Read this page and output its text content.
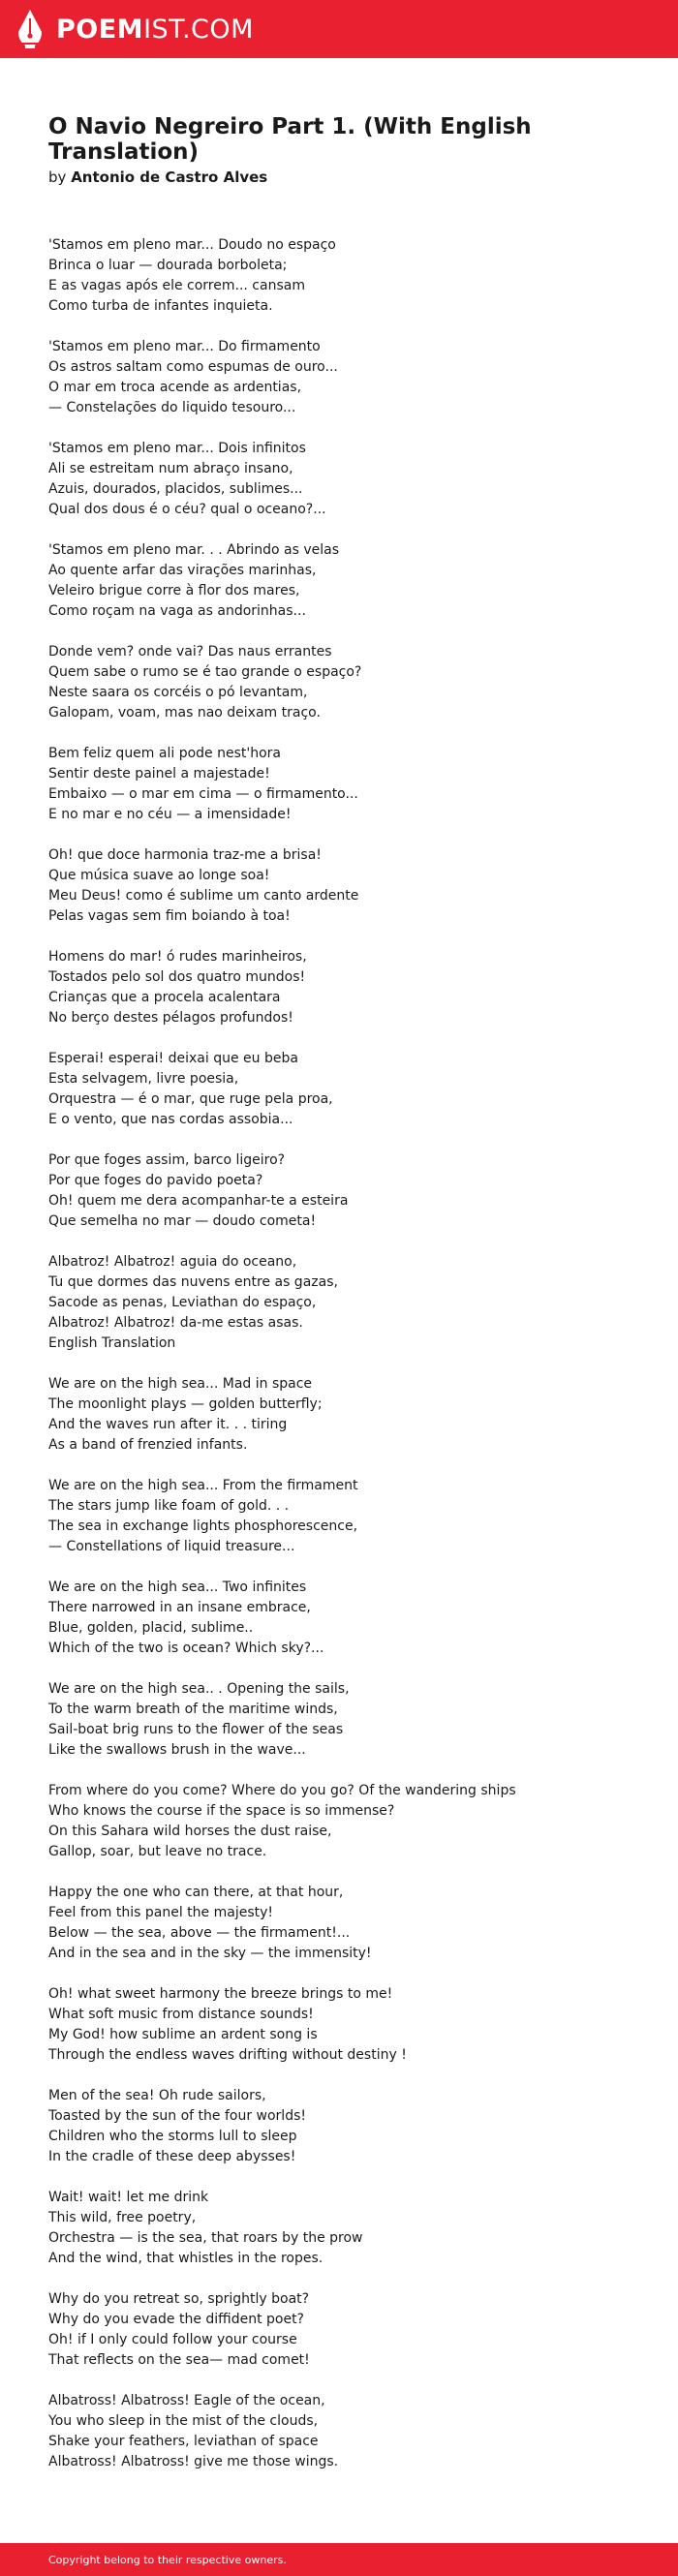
POEMIST.COM
O Navio Negreiro Part 1. (With English Translation)
by Antonio de Castro Alves
'Stamos em pleno mar... Doudo no espaço
Brinca o luar — dourada borboleta;
E as vagas após ele correm... cansam
Como turba de infantes inquieta.
'Stamos em pleno mar... Do firmamento
Os astros saltam como espumas de ouro...
O mar em troca acende as ardentias,
— Constelações do liquido tesouro...
'Stamos em pleno mar... Dois infinitos
Ali se estreitam num abraço insano,
Azuis, dourados, placidos, sublimes...
Qual dos dous é o céu? qual o oceano?...
'Stamos em pleno mar. . . Abrindo as velas
Ao quente arfar das virações marinhas,
Veleiro brigue corre à flor dos mares,
Como roçam na vaga as andorinhas...
Donde vem? onde vai? Das naus errantes
Quem sabe o rumo se é tao grande o espaço?
Neste saara os corcéis o pó levantam,
Galopam, voam, mas nao deixam traço.
Bem feliz quem ali pode nest'hora
Sentir deste painel a majestade!
Embaixo — o mar em cima — o firmamento...
E no mar e no céu — a imensidade!
Oh! que doce harmonia traz-me a brisa!
Que música suave ao longe soa!
Meu Deus! como é sublime um canto ardente
Pelas vagas sem fim boiando à toa!
Homens do mar! ó rudes marinheiros,
Tostados pelo sol dos quatro mundos!
Crianças que a procela acalentara
No berço destes pélagos profundos!
Esperai! esperai! deixai que eu beba
Esta selvagem, livre poesia,
Orquestra — é o mar, que ruge pela proa,
E o vento, que nas cordas assobia...
Por que foges assim, barco ligeiro?
Por que foges do pavido poeta?
Oh! quem me dera acompanhar-te a esteira
Que semelha no mar — doudo cometa!
Albatroz! Albatroz! aguia do oceano,
Tu que dormes das nuvens entre as gazas,
Sacode as penas, Leviathan do espaço,
Albatroz! Albatroz! da-me estas asas.
English Translation
We are on the high sea... Mad in space
The moonlight plays — golden butterfly;
And the waves run after it. . . tiring
As a band of frenzied infants.
We are on the high sea... From the firmament
The stars jump like foam of gold. . .
The sea in exchange lights phosphorescence,
— Constellations of liquid treasure...
We are on the high sea... Two infinites
There narrowed in an insane embrace,
Blue, golden, placid, sublime..
Which of the two is ocean? Which sky?...
We are on the high sea.. . Opening the sails,
To the warm breath of the maritime winds,
Sail-boat brig runs to the flower of the seas
Like the swallows brush in the wave...
From where do you come? Where do you go? Of the wandering ships
Who knows the course if the space is so immense?
On this Sahara wild horses the dust raise,
Gallop, soar, but leave no trace.
Happy the one who can there, at that hour,
Feel from this panel the majesty!
Below — the sea, above — the firmament!...
And in the sea and in the sky — the immensity!
Oh! what sweet harmony the breeze brings to me!
What soft music from distance sounds!
My God! how sublime an ardent song is
Through the endless waves drifting without destiny !
Men of the sea! Oh rude sailors,
Toasted by the sun of the four worlds!
Children who the storms lull to sleep
In the cradle of these deep abysses!
Wait! wait! let me drink
This wild, free poetry,
Orchestra — is the sea, that roars by the prow
And the wind, that whistles in the ropes.
Why do you retreat so, sprightly boat?
Why do you evade the diffident poet?
Oh! if I only could follow your course
That reflects on the sea— mad comet!
Albatross! Albatross! Eagle of the ocean,
You who sleep in the mist of the clouds,
Shake your feathers, leviathan of space
Albatross! Albatross! give me those wings.
Copyright belong to their respective owners.
